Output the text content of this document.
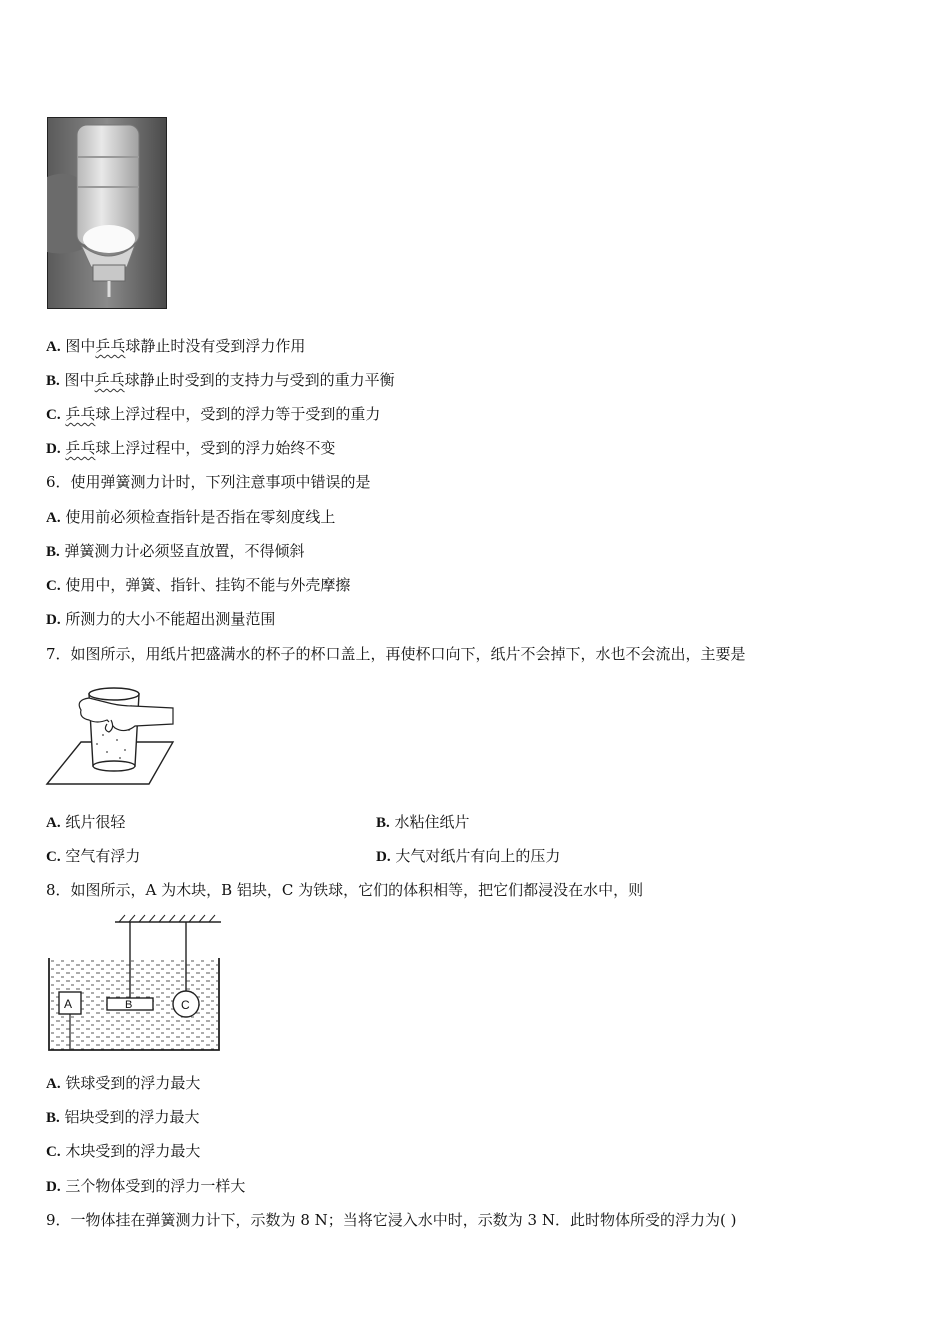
A. 图中乒乓球静止时没有受到浮力作用
B. 图中乒乓球静止时受到的支持力与受到的重力平衡
C. 乒乓球上浮过程中，受到的浮力等于受到的重力
D. 乒乓球上浮过程中，受到的浮力始终不变
6．使用弹簧测力计时，下列注意事项中错误的是
A. 使用前必须检查指针是否指在零刻度线上
B. 弹簧测力计必须竖直放置，不得倾斜
C. 使用中，弹簧、指针、挂钩不能与外壳摩擦
D. 所测力的大小不能超出测量范围
7．如图所示，用纸片把盛满水的杯子的杯口盖上，再使杯口向下，纸片不会掉下，水也不会流出，主要是
A. 纸片很轻	B. 水粘住纸片
C. 空气有浮力	D. 大气对纸片有向上的压力
8．如图所示，A 为木块，B 铝块，C 为铁球，它们的体积相等，把它们都浸没在水中，则
A	B	C
A. 铁球受到的浮力最大
B. 铝块受到的浮力最大
C. 木块受到的浮力最大
D. 三个物体受到的浮力一样大
9．一物体挂在弹簧测力计下，示数为 8 N；当将它浸入水中时，示数为 3 N．此时物体所受的浮力为( )
